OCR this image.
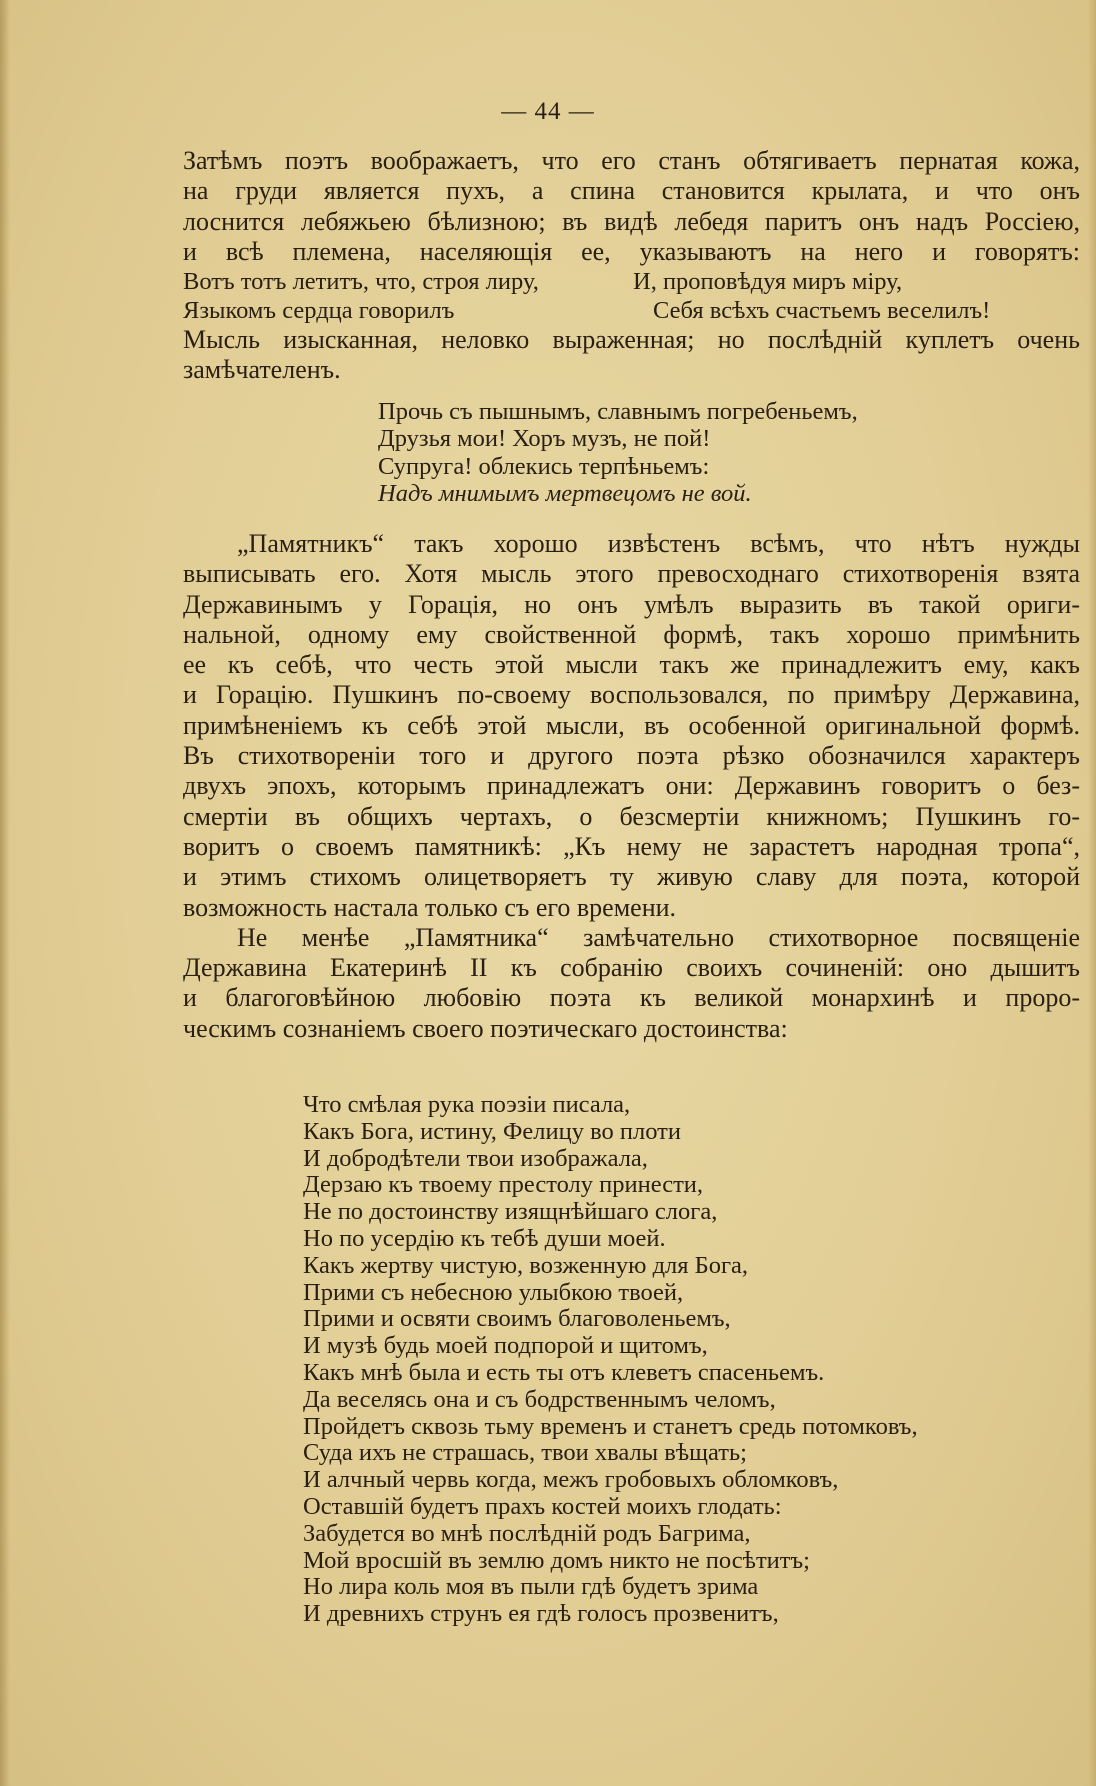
— 44 —
Затѣмъ поэтъ воображаетъ, что его станъ обтягиваетъ пернатая кожа,
на груди является пухъ, а спина становится крылата, и что онъ
лоснится лебяжьею бѣлизною; въ видѣ лебедя паритъ онъ надъ Россіею,
и всѣ племена, населяющія ее, указываютъ на него и говорятъ:
Вотъ тотъ летитъ, что, строя лиру,	И, проповѣдуя миръ міру,
Языкомъ сердца говорилъ	Себя всѣхъ счастьемъ веселилъ!
Мысль изысканная, неловко выраженная; но послѣдній куплетъ очень
замѣчателенъ.
Прочь съ пышнымъ, славнымъ погребеньемъ,
Друзья мои! Хоръ музъ, не пой!
Супруга! облекись терпѣньемъ:
Надъ мнимымъ мертвецомъ не вой.
„Памятникъ“ такъ хорошо извѣстенъ всѣмъ, что нѣтъ нужды
выписывать его. Хотя мысль этого превосходнаго стихотворенія взята
Державинымъ у Горація, но онъ умѣлъ выразить въ такой ориги-
нальной, одному ему свойственной формѣ, такъ хорошо примѣнить
ее къ себѣ, что честь этой мысли такъ же принадлежитъ ему, какъ
и Горацію. Пушкинъ по-своему воспользовался, по примѣру Державина,
примѣненіемъ къ себѣ этой мысли, въ особенной оригинальной формѣ.
Въ стихотвореніи того и другого поэта рѣзко обозначился характеръ
двухъ эпохъ, которымъ принадлежатъ они: Державинъ говоритъ о без-
смертіи въ общихъ чертахъ, о безсмертіи книжномъ; Пушкинъ го-
воритъ о своемъ памятникѣ: „Къ нему не зарастетъ народная тропа“,
и этимъ стихомъ олицетворяетъ ту живую славу для поэта, которой
возможность настала только съ его времени.
Не менѣе „Памятника“ замѣчательно стихотворное посвященіе
Державина Екатеринѣ II къ собранію своихъ сочиненій: оно дышитъ
и благоговѣйною любовію поэта къ великой монархинѣ и проро-
ческимъ сознаніемъ своего поэтическаго достоинства:
Что смѣлая рука поэзіи писала,
Какъ Бога, истину, Фелицу во плоти
И добродѣтели твои изображала,
Дерзаю къ твоему престолу принести,
Не по достоинству изящнѣйшаго слога,
Но по усердію къ тебѣ души моей.
Какъ жертву чистую, возженную для Бога,
Прими съ небесною улыбкою твоей,
Прими и освяти своимъ благоволеньемъ,
И музѣ будь моей подпорой и щитомъ,
Какъ мнѣ была и есть ты отъ клеветъ спасеньемъ.
Да веселясь она и съ бодрственнымъ челомъ,
Пройдетъ сквозь тьму временъ и станетъ средь потомковъ,
Суда ихъ не страшась, твои хвалы вѣщать;
И алчный червь когда, межъ гробовыхъ обломковъ,
Оставшій будетъ прахъ костей моихъ глодать:
Забудется во мнѣ послѣдній родъ Багрима,
Мой вросшій въ землю домъ никто не посѣтитъ;
Но лира коль моя въ пыли гдѣ будетъ зрима
И древнихъ струнъ ея гдѣ голосъ прозвенитъ,
